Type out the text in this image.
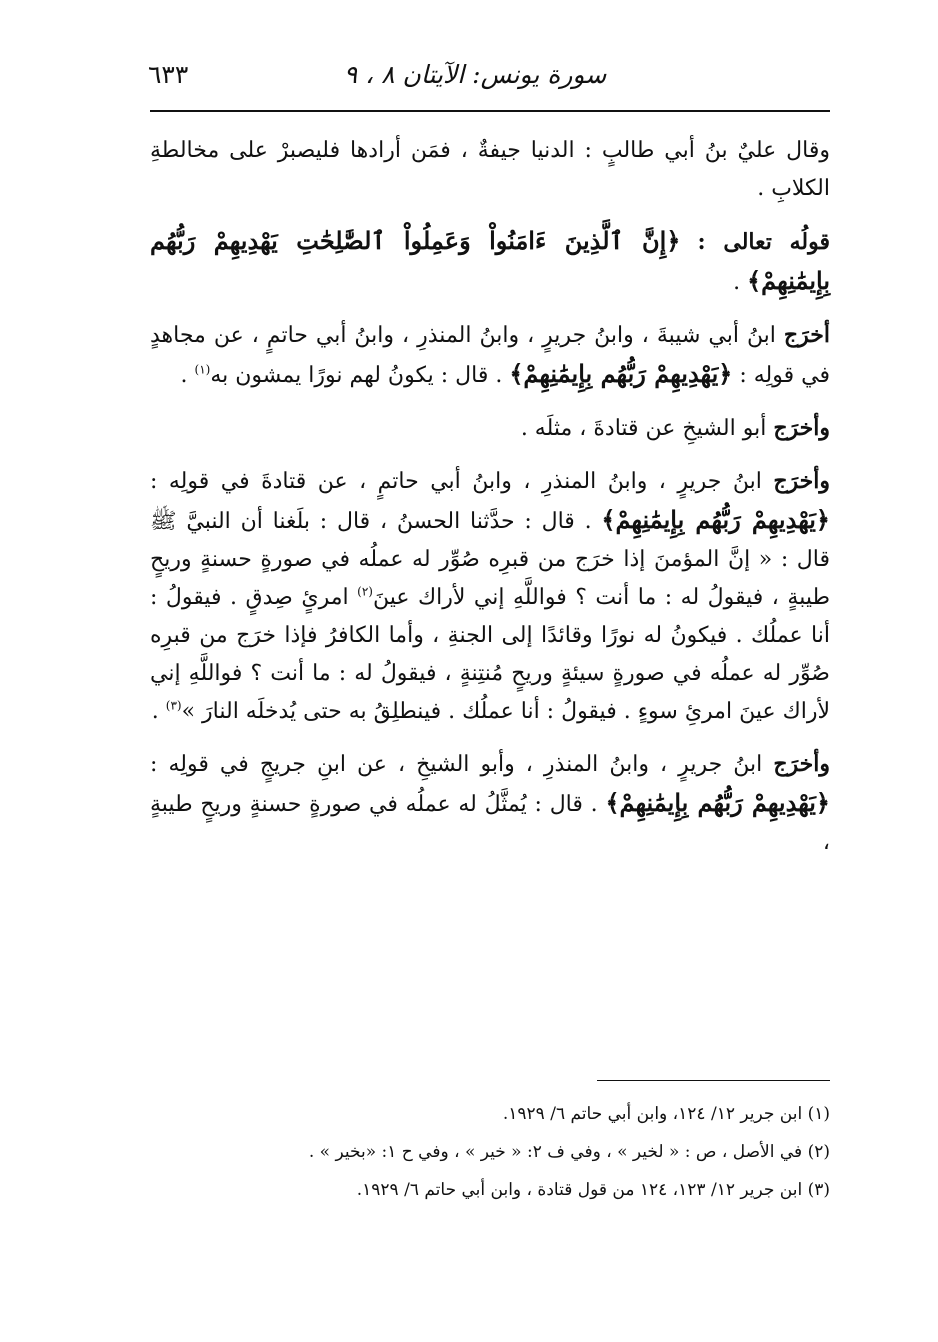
٦٣٣	سورة يونس: الآيتان ٨ ، ٩

وقال عليٌ بنُ أبي طالبٍ : الدنيا جيفةٌ ، فمَن أرادها فليصبرْ على مخالطةِ الكلابِ .

قولُه تعالى : ﴿إِنَّ ٱلَّذِينَ ءَامَنُواْ وَعَمِلُواْ ٱلصَّٰلِحَٰتِ يَهْدِيهِمْ رَبُّهُم بِإِيمَٰنِهِمْ﴾ .

أخرَج ابنُ أبي شيبةَ ، وابنُ جريرٍ ، وابنُ المنذرِ ، وابنُ أبي حاتمٍ ، عن مجاهدٍ في قولِه : ﴿يَهْدِيهِمْ رَبُّهُم بِإِيمَٰنِهِمْ﴾ . قال : يكونُ لهم نورًا يمشون به$^{(١)}$ .

وأخرَج أبو الشيخِ عن قتادةَ ، مثلَه .

وأخرَج ابنُ جريرٍ ، وابنُ المنذرِ ، وابنُ أبي حاتمٍ ، عن قتادةَ في قولِه : ﴿يَهْدِيهِمْ رَبُّهُم بِإِيمَٰنِهِمْ﴾ . قال : حدَّثنا الحسنُ ، قال : بلَغنا أن النبيَّ ﷺ قال : « إنَّ المؤمنَ إذا خرَج من قبرِه صُوِّر له عملُه في صورةٍ حسنةٍ وريحٍ طيبةٍ ، فيقولُ له : ما أنت ؟ فواللَّهِ إني لأراك عينَ$^{(٢)}$ امرئٍ صِدقٍ . فيقولُ : أنا عملُك . فيكونُ له نورًا وقائدًا إلى الجنةِ ، وأما الكافرُ فإذا خرَج من قبرِه صُوِّر له عملُه في صورةٍ سيئةٍ وريحٍ مُنتِنةٍ ، فيقولُ له : ما أنت ؟ فواللَّهِ إني لأراك عينَ امرئِ سوءٍ . فيقولُ : أنا عملُك . فينطلِقُ به حتى يُدخلَه النارَ »$^{(٣)}$ .

وأخرَج ابنُ جريرٍ ، وابنُ المنذرِ ، وأبو الشيخِ ، عن ابنِ جريجٍ في قولِه : ﴿يَهْدِيهِمْ رَبُّهُم بِإِيمَٰنِهِمْ﴾ . قال : يُمثَّلُ له عملُه في صورةٍ حسنةٍ وريحٍ طيبةٍ ،

(١) ابن جرير ١٢/ ١٢٤، وابن أبي حاتم ٦/ ١٩٢٩.

(٢) في الأصل ، ص : « لخير » ، وفي ف ٢: « خير » ، وفي ح ١: «بخير » .

(٣) ابن جرير ١٢/ ١٢٣، ١٢٤ من قول قتادة ، وابن أبي حاتم ٦/ ١٩٢٩.
